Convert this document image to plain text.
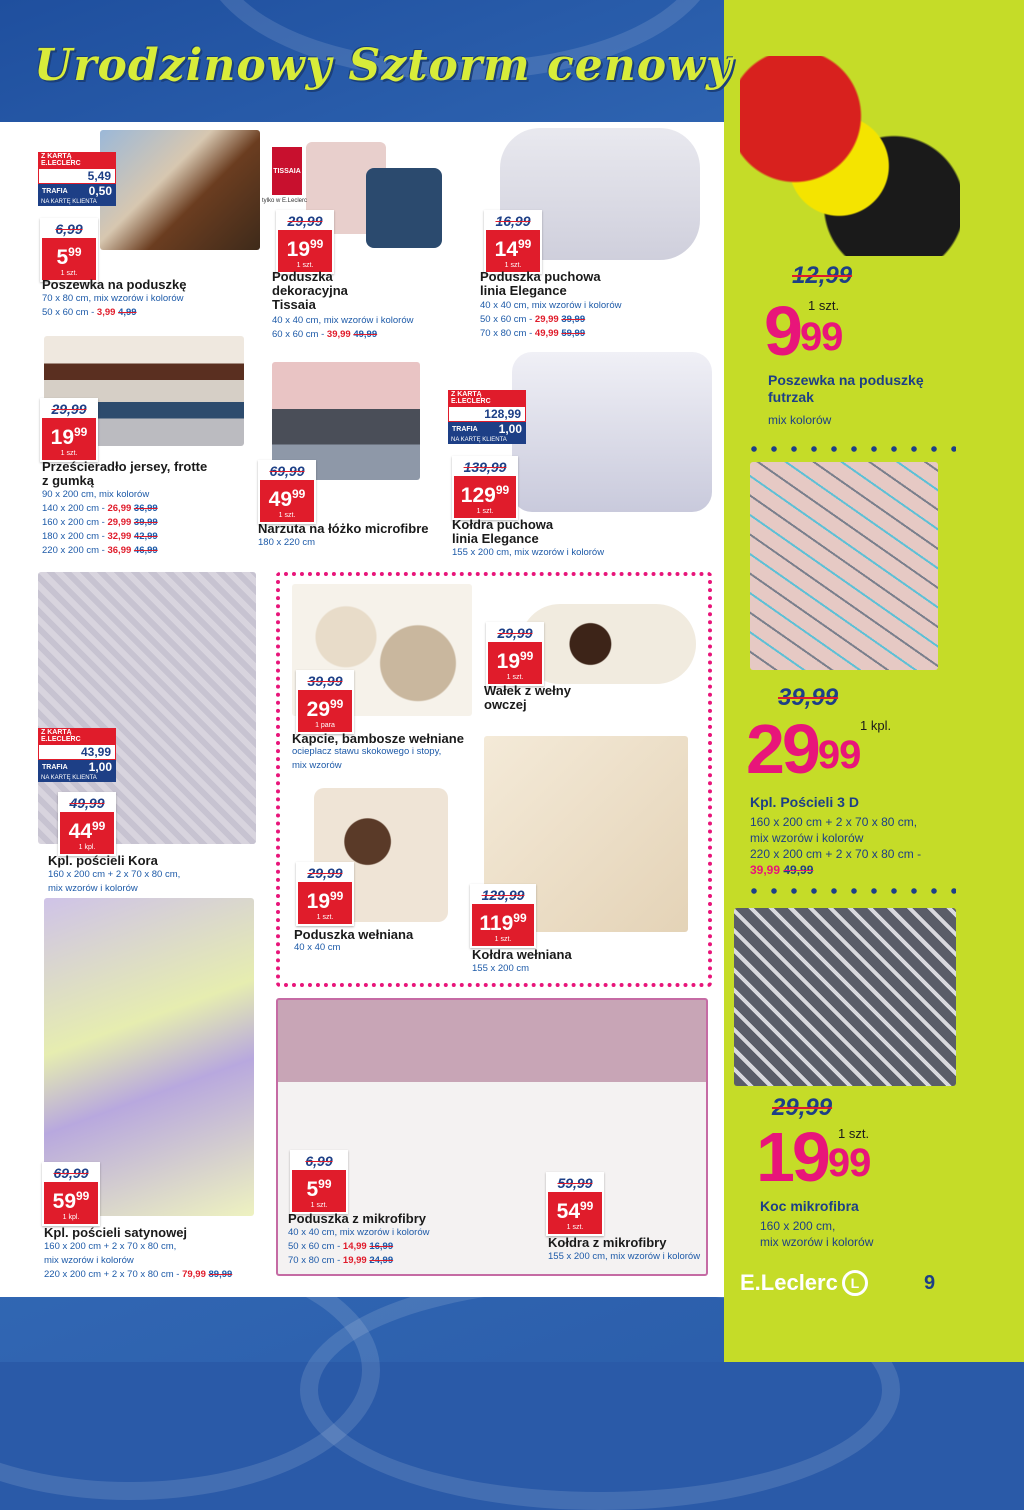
Urodzinowy Sztorm cenowy
TISSAIA
tylko w E.Leclerc
Z KARTĄ E.LECLERC
5,49
TRAFIA 0,50
NA KARTĘ KLIENTA
Z KARTĄ E.LECLERC
128,99
TRAFIA 1,00
NA KARTĘ KLIENTA
Z KARTĄ E.LECLERC
43,99
TRAFIA 1,00
NA KARTĘ KLIENTA
6,99
$5^{99}$
1 szt.
29,99
$19^{99}$
1 szt.
16,99
$14^{99}$
1 szt.
29,99
$19^{99}$
1 szt.
69,99
$49^{99}$
1 szt.
139,99
$129^{99}$
1 szt.
49,99
$44^{99}$
1 kpl.
39,99
$29^{99}$
1 para
29,99
$19^{99}$
1 szt.
29,99
$19^{99}$
1 szt.
129,99
$119^{99}$
1 szt.
69,99
$59^{99}$
1 kpl.
6,99
$5^{99}$
1 szt.
59,99
$54^{99}$
1 szt.
Poszewka na poduszkę
70 x 80 cm, mix wzorów i kolorów
50 x 60 cm - 3,99 4,99
Poduszka dekoracyjna Tissaia
40 x 40 cm, mix wzorów i kolorów
60 x 60 cm - 39,99 49,99
Poduszka puchowa linia Elegance
40 x 40 cm, mix wzorów i kolorów
50 x 60 cm - 29,99 39,99
70 x 80 cm - 49,99 59,99
Prześcieradło jersey, frotte z gumką
90 x 200 cm, mix kolorów
140 x 200 cm - 26,99 36,99
160 x 200 cm - 29,99 39,99
180 x 200 cm - 32,99 42,99
220 x 200 cm - 36,99 46,99
Narzuta na łóżko microfibre
180 x 220 cm
Kołdra puchowa linia Elegance
155 x 200 cm, mix wzorów i kolorów
Kpl. pościeli Kora
160 x 200 cm + 2 x 70 x 80 cm,
mix wzorów i kolorów
Kapcie, bambosze wełniane
ocieplacz stawu skokowego i stopy,
mix wzorów
Wałek z wełny owczej
Poduszka wełniana
40 x 40 cm	Kołdra wełniana
155 x 200 cm
Kpl. pościeli satynowej
160 x 200 cm + 2 x 70 x 80 cm,
mix wzorów i kolorów
220 x 200 cm + 2 x 70 x 80 cm - 79,99 89,99
Poduszka z mikrofibry
40 x 40 cm, mix wzorów i kolorów
50 x 60 cm - 14,99 16,99
70 x 80 cm - 19,99 24,99
Kołdra z mikrofibry
155 x 200 cm, mix wzorów i kolorów
12,99
1 szt.
$9^{99}$
Poszewka na poduszkę futrzak
mix kolorów
39,99
1 kpl.
$29^{99}$
Kpl. Pościeli 3 D
160 x 200 cm + 2 x 70 x 80 cm,
mix wzorów i kolorów
220 x 200 cm + 2 x 70 x 80 cm -
39,99 49,99
29,99
1 szt.
$19^{99}$
Koc mikrofibra
160 x 200 cm,
mix wzorów i kolorów
E.Leclerc L	9
